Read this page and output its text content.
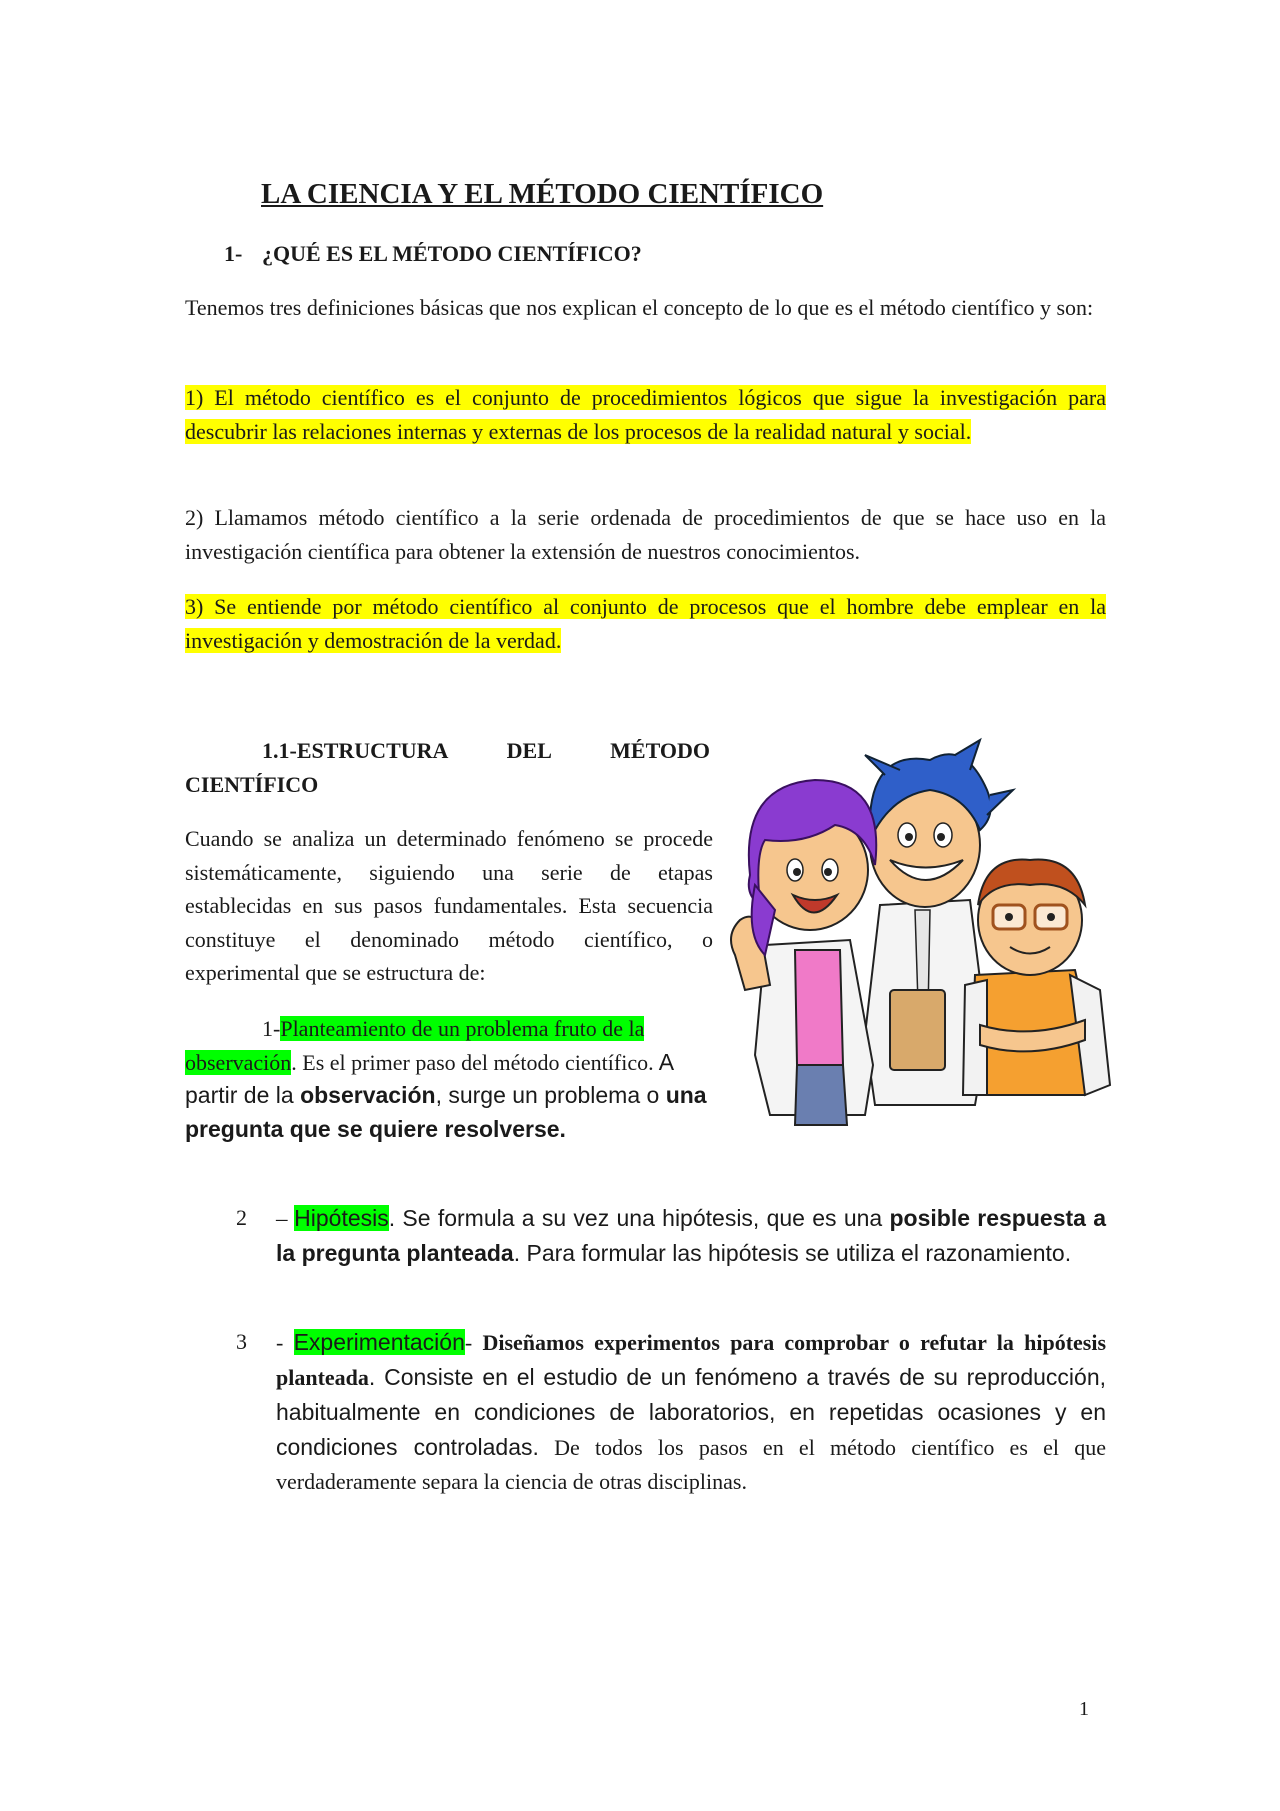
LA CIENCIA Y EL MÉTODO CIENTÍFICO
1- ¿QUÉ ES EL MÉTODO CIENTÍFICO?

Tenemos tres definiciones básicas que nos explican el concepto de lo que es el método científico y son:

1) El método científico es el conjunto de procedimientos lógicos que sigue la investigación para descubrir las relaciones internas y externas de los procesos de la realidad natural y social.

2) Llamamos método científico a la serie ordenada de procedimientos de que se hace uso en la investigación científica para obtener la extensión de nuestros conocimientos.

3) Se entiende por método científico al conjunto de procesos que el hombre debe emplear en la investigación y demostración de la verdad.

1.1-ESTRUCTURA	DEL	MÉTODO
CIENTÍFICO

Cuando se analiza un determinado fenómeno se procede sistemáticamente, siguiendo una serie de etapas establecidas en sus pasos fundamentales. Esta secuencia constituye el denominado método científico, o experimental que se estructura de:

1-Planteamiento de un problema fruto de la observación. Es el primer paso del método científico. A partir de la observación, surge un problema o una pregunta que se quiere resolverse.

2 – Hipótesis. Se formula a su vez una hipótesis, que es una posible respuesta a la pregunta planteada. Para formular las hipótesis se utiliza el razonamiento.

3 - Experimentación- Diseñamos experimentos para comprobar o refutar la hipótesis planteada. Consiste en el estudio de un fenómeno a través de su reproducción, habitualmente en condiciones de laboratorios, en repetidas ocasiones y en condiciones controladas. De todos los pasos en el método científico es el que verdaderamente separa la ciencia de otras disciplinas.

1
